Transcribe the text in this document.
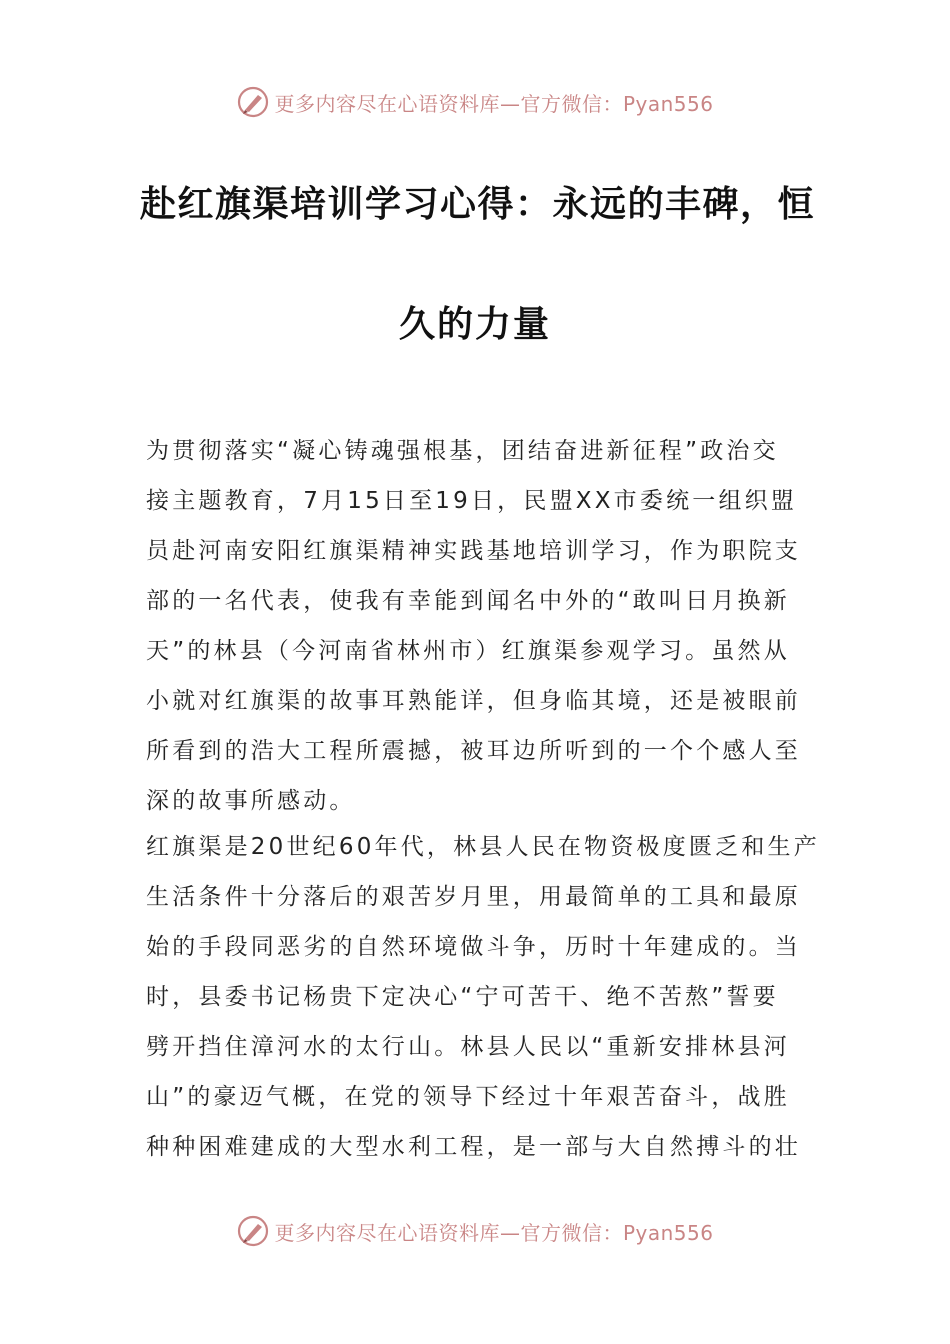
更多内容尽在心语资料库—官方微信：Pyan556
赴红旗渠培训学习心得：永远的丰碑，恒
久的力量
为贯彻落实“凝心铸魂强根基，团结奋进新征程”政治交
接主题教育，7月15日至19日，民盟XX市委统一组织盟
员赴河南安阳红旗渠精神实践基地培训学习，作为职院支
部的一名代表，使我有幸能到闻名中外的“敢叫日月换新
天”的林县（今河南省林州市）红旗渠参观学习。虽然从
小就对红旗渠的故事耳熟能详，但身临其境，还是被眼前
所看到的浩大工程所震撼，被耳边所听到的一个个感人至
深的故事所感动。
红旗渠是20世纪60年代，林县人民在物资极度匮乏和生产
生活条件十分落后的艰苦岁月里，用最简单的工具和最原
始的手段同恶劣的自然环境做斗争，历时十年建成的。当
时，县委书记杨贵下定决心“宁可苦干、绝不苦熬”誓要
劈开挡住漳河水的太行山。林县人民以“重新安排林县河
山”的豪迈气概，在党的领导下经过十年艰苦奋斗，战胜
种种困难建成的大型水利工程，是一部与大自然搏斗的壮
更多内容尽在心语资料库—官方微信：Pyan556
